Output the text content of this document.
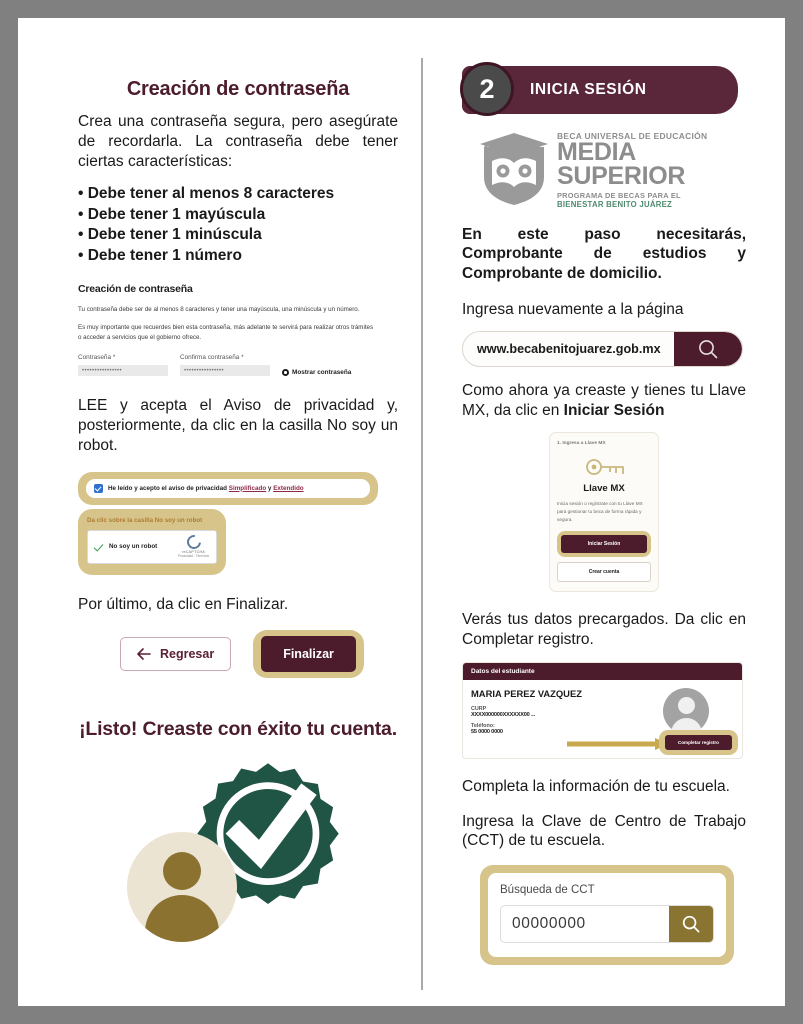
Creación de contraseña
Crea una contraseña segura, pero asegúrate de recordarla. La contraseña debe tener ciertas características:
• Debe tener al menos 8 caracteres
• Debe tener 1 mayúscula
• Debe tener 1 minúscula
• Debe tener 1 número
Creación de contraseña
Tu contraseña debe ser de al menos 8 caracteres y tener una mayúscula, una minúscula y un número.
Es muy importante que recuerdes bien esta contraseña, más adelante te servirá para realizar otros trámites o acceder a servicios que el gobierno ofrece.
Contraseña *
••••••••••••••••
Confirma contraseña *
••••••••••••••••	Mostrar contraseña
LEE y acepta el Aviso de privacidad y, posteriormente, da clic en la casilla No soy un robot.
He leído y acepto el aviso de privacidad Simplificado y Extendido
Da clic sobre la casilla No soy un robot
No soy un robot
reCAPTCHA
Privacidad - Términos
Por último, da clic en Finalizar.
Regresar	Finalizar
¡Listo! Creaste con éxito tu cuenta.
2	INICIA SESIÓN
BECA UNIVERSAL DE EDUCACIÓN
MEDIA
SUPERIOR
PROGRAMA DE BECAS PARA EL
BIENESTAR BENITO JUÁREZ
En este paso necesitarás, Comprobante de estudios y Comprobante de domicilio.
Ingresa nuevamente a la página
www.becabenitojuarez.gob.mx
Como ahora ya creaste y tienes tu Llave MX, da clic en Iniciar Sesión
1. Ingresa a Llave MX
Llave MX
Inicia sesión o regístrate con tu Llave MX para gestionar tu beca de forma rápida y segura.
Iniciar Sesión
Crear cuenta
Verás tus datos precargados. Da clic en Completar registro.
Datos del estudiante
MARIA PEREZ VAZQUEZ
CURP
XXXX000000XXXXXX00 ...
Teléfono:
55 0000 0000
Completar registro
Completa la información de tu escuela.
Ingresa la Clave de Centro de Trabajo (CCT) de tu escuela.
Búsqueda de CCT
00000000
